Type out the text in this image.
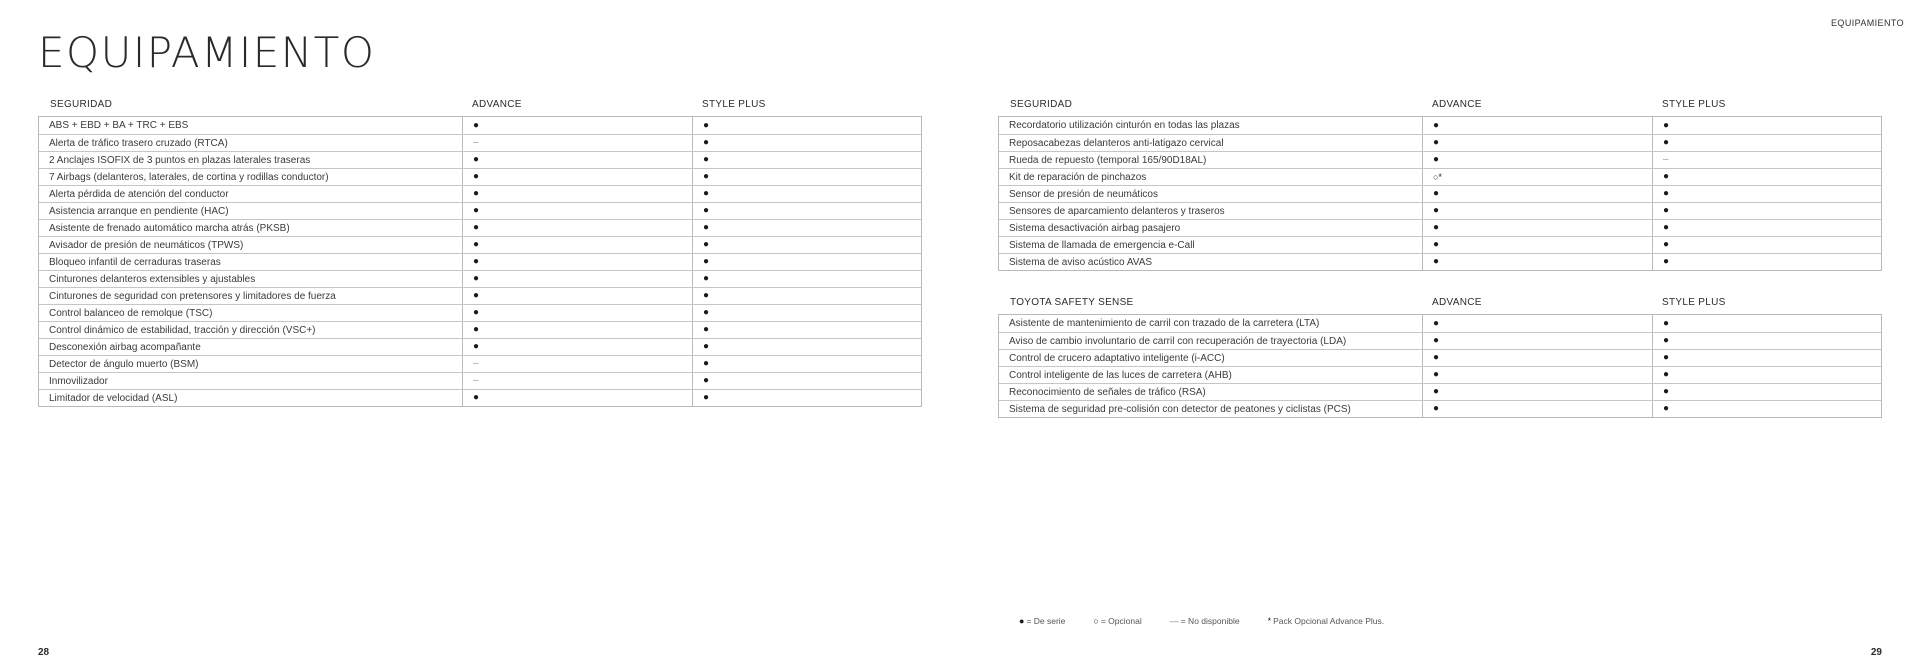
EQUIPAMIENTO
EQUIPAMIENTO
SEGURIDAD	ADVANCE	STYLE PLUS
ABS + EBD + BA + TRC + EBS	●	●
Alerta de tráfico trasero cruzado (RTCA)	–	●
2 Anclajes ISOFIX de 3 puntos en plazas laterales traseras	●	●
7 Airbags (delanteros, laterales, de cortina y rodillas conductor)	●	●
Alerta pérdida de atención del conductor	●	●
Asistencia arranque en pendiente (HAC)	●	●
Asistente de frenado automático marcha atrás (PKSB)	●	●
Avisador de presión de neumáticos (TPWS)	●	●
Bloqueo infantil de cerraduras traseras	●	●
Cinturones delanteros extensibles y ajustables	●	●
Cinturones de seguridad con pretensores y limitadores de fuerza	●	●
Control balanceo de remolque (TSC)	●	●
Control dinámico de estabilidad, tracción y dirección (VSC+)	●	●
Desconexión airbag acompañante	●	●
Detector de ángulo muerto (BSM)	–	●
Inmovilizador	–	●
Limitador de velocidad (ASL)	●	●
SEGURIDAD	ADVANCE	STYLE PLUS
Recordatorio utilización cinturón en todas las plazas	●	●
Reposacabezas delanteros anti-latigazo cervical	●	●
Rueda de repuesto (temporal 165/90D18AL)	●	–
Kit de reparación de pinchazos	○*	●
Sensor de presión de neumáticos	●	●
Sensores de aparcamiento delanteros y traseros	●	●
Sistema desactivación airbag pasajero	●	●
Sistema de llamada de emergencia e-Call	●	●
Sistema de aviso acústico AVAS	●	●
TOYOTA SAFETY SENSE	ADVANCE	STYLE PLUS
Asistente de mantenimiento de carril con trazado de la carretera (LTA)	●	●
Aviso de cambio involuntario de carril con recuperación de trayectoria (LDA)	●	●
Control de crucero adaptativo inteligente (i-ACC)	●	●
Control inteligente de las luces de carretera (AHB)	●	●
Reconocimiento de señales de tráfico (RSA)	●	●
Sistema de seguridad pre-colisión con detector de peatones y ciclistas (PCS)	●	●
● = De serie	○ = Opcional	— = No disponible	* Pack Opcional Advance Plus.
28	29
